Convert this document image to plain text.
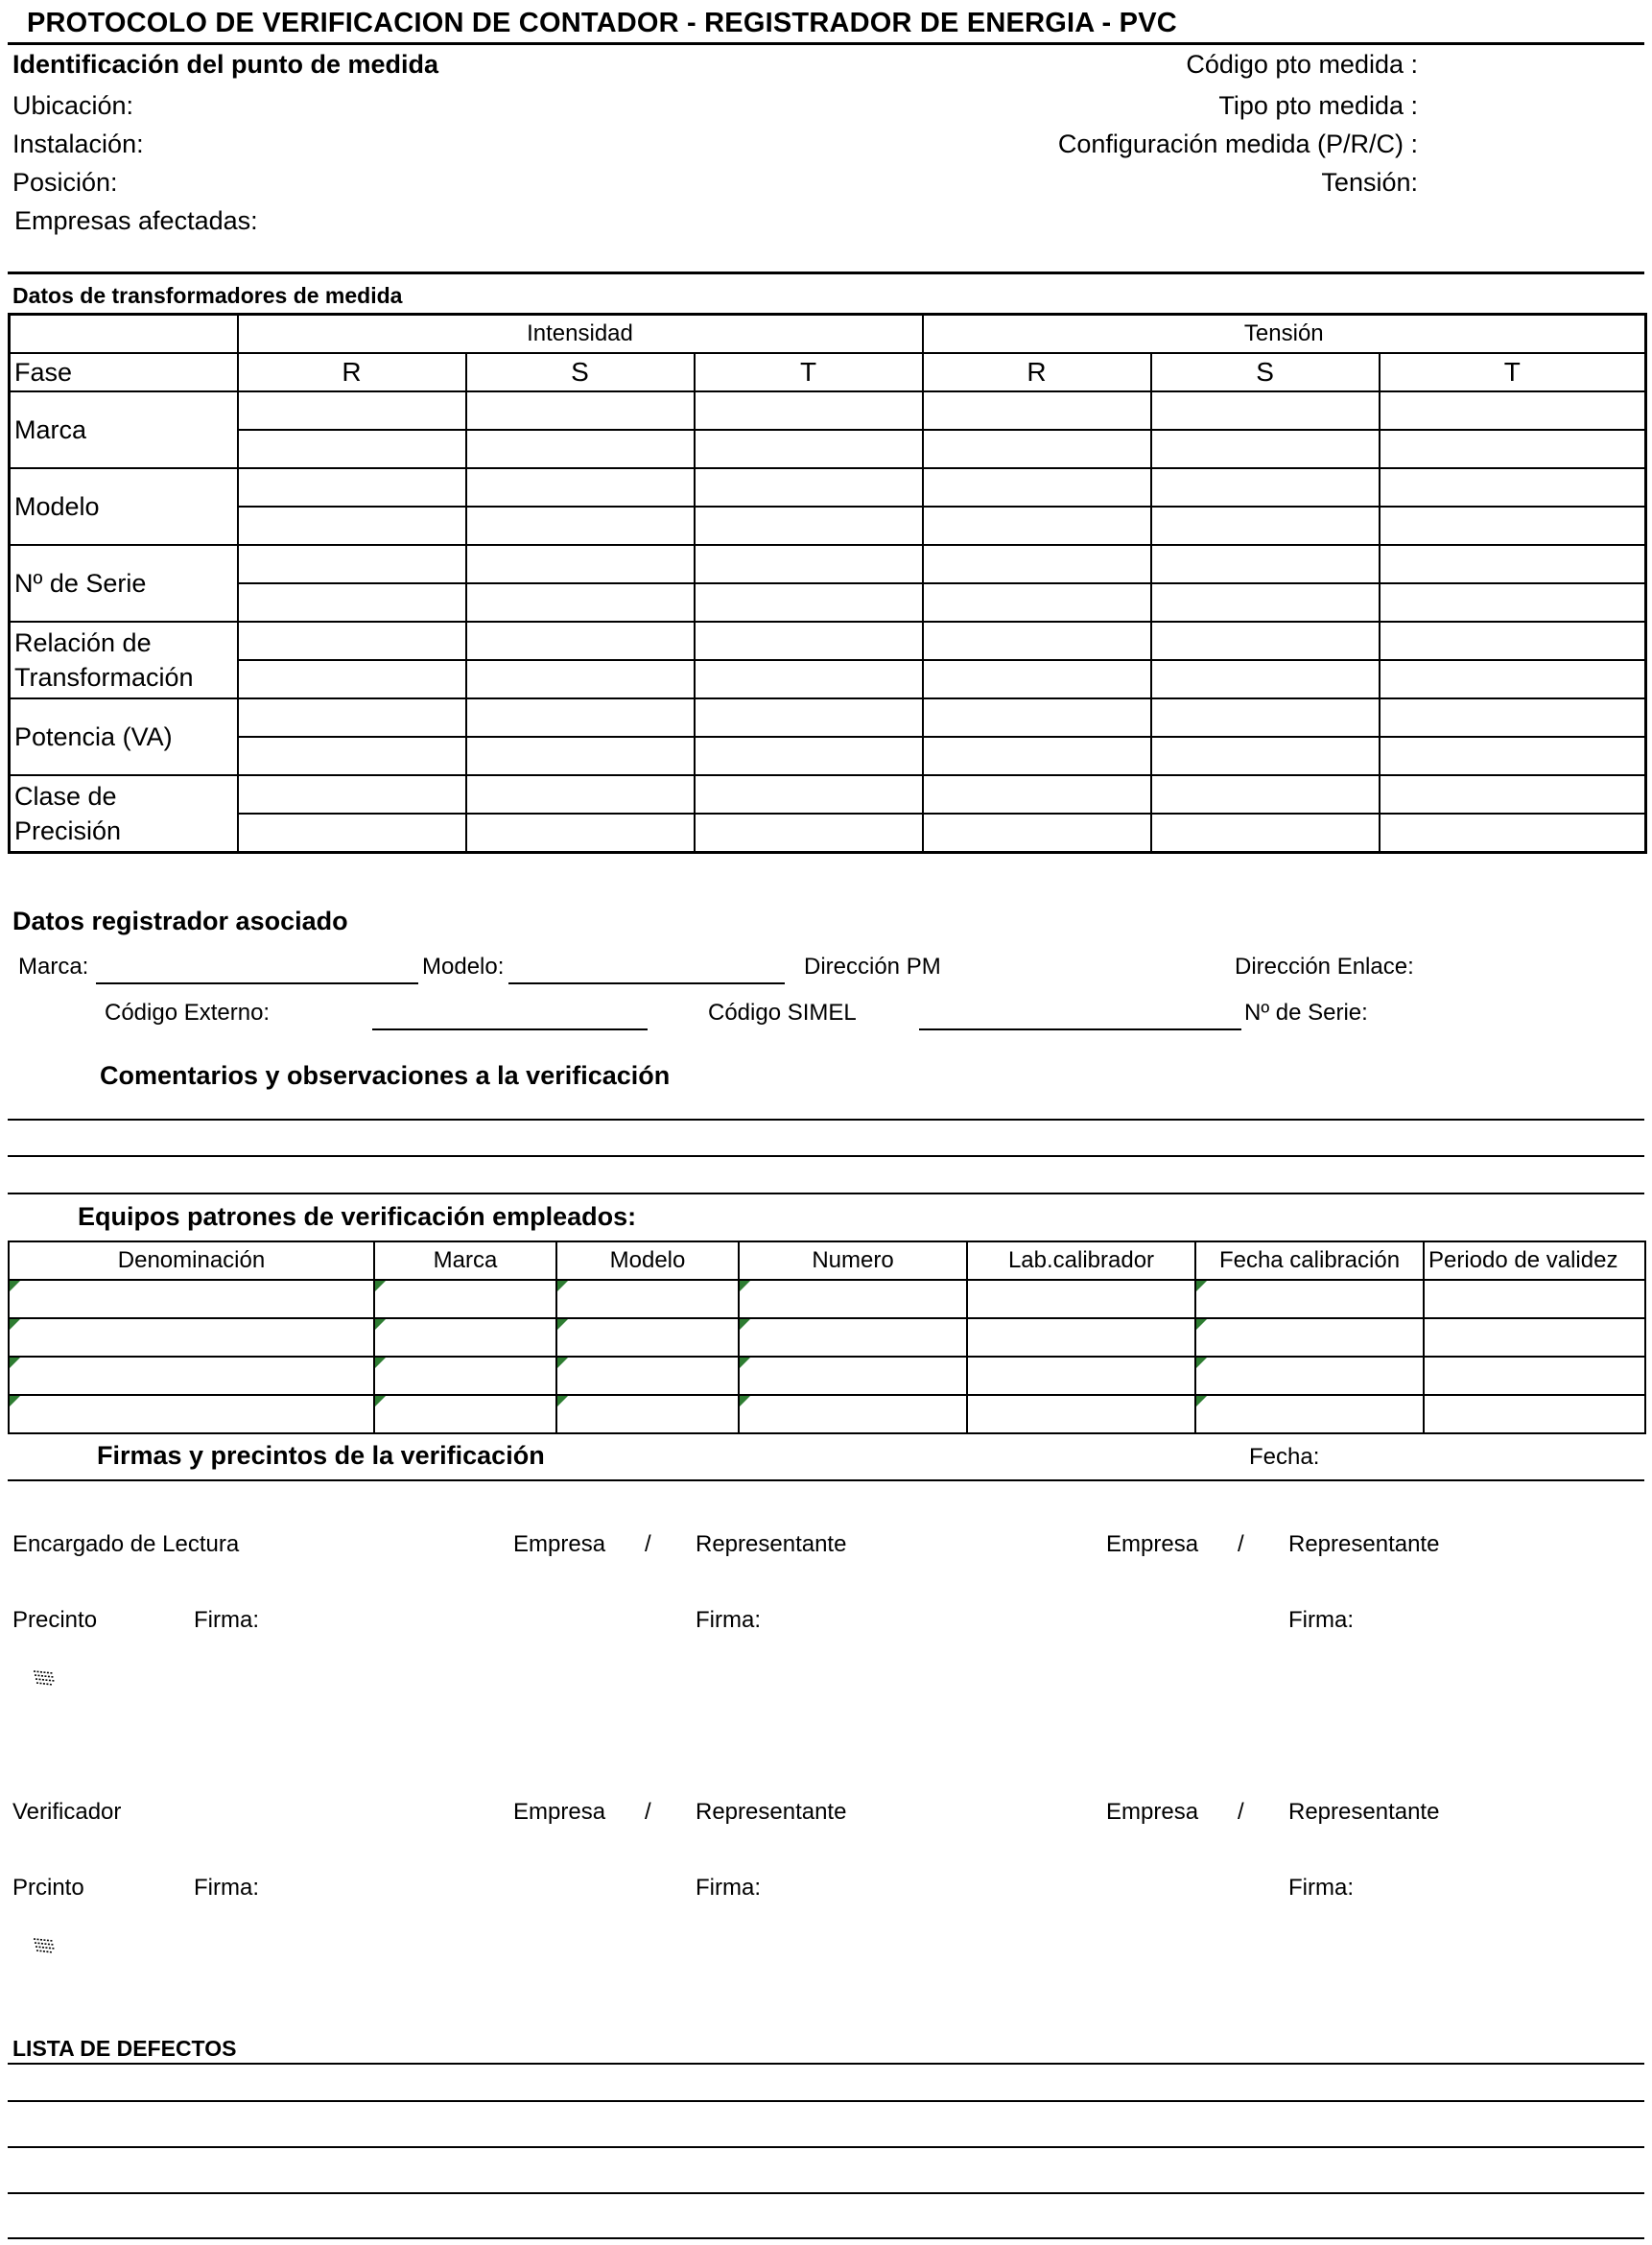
PROTOCOLO DE VERIFICACION DE CONTADOR - REGISTRADOR DE ENERGIA - PVC
Identificación del punto de medida
Ubicación:
Instalación:
Posición:
Empresas afectadas:
Código pto medida :
Tipo pto medida :
Configuración medida (P/R/C) :
Tensión:
Datos de transformadores de medida
	Intensidad			Tensión		
Fase	R	S	T	R	S	T
Marca						

Modelo						

Nº de Serie						

Relación de
Transformación						

Potencia (VA)						

Clase de
Precisión						

Datos registrador asociado
Marca:	Modelo:	Dirección PM	Dirección Enlace:
Código Externo:	Código SIMEL	Nº de Serie:
Comentarios y observaciones a la verificación
Equipos patrones de verificación empleados:
Denominación	Marca	Modelo	Numero	Lab.calibrador	Fecha calibración	Periodo de validez

Firmas y precintos de la verificación	Fecha:
Encargado de Lectura	Empresa / Representante	Empresa / Representante
Precinto	Firma:	Firma:	Firma:
Verificador	Empresa / Representante	Empresa / Representante
Prcinto	Firma:	Firma:	Firma:
LISTA DE DEFECTOS
